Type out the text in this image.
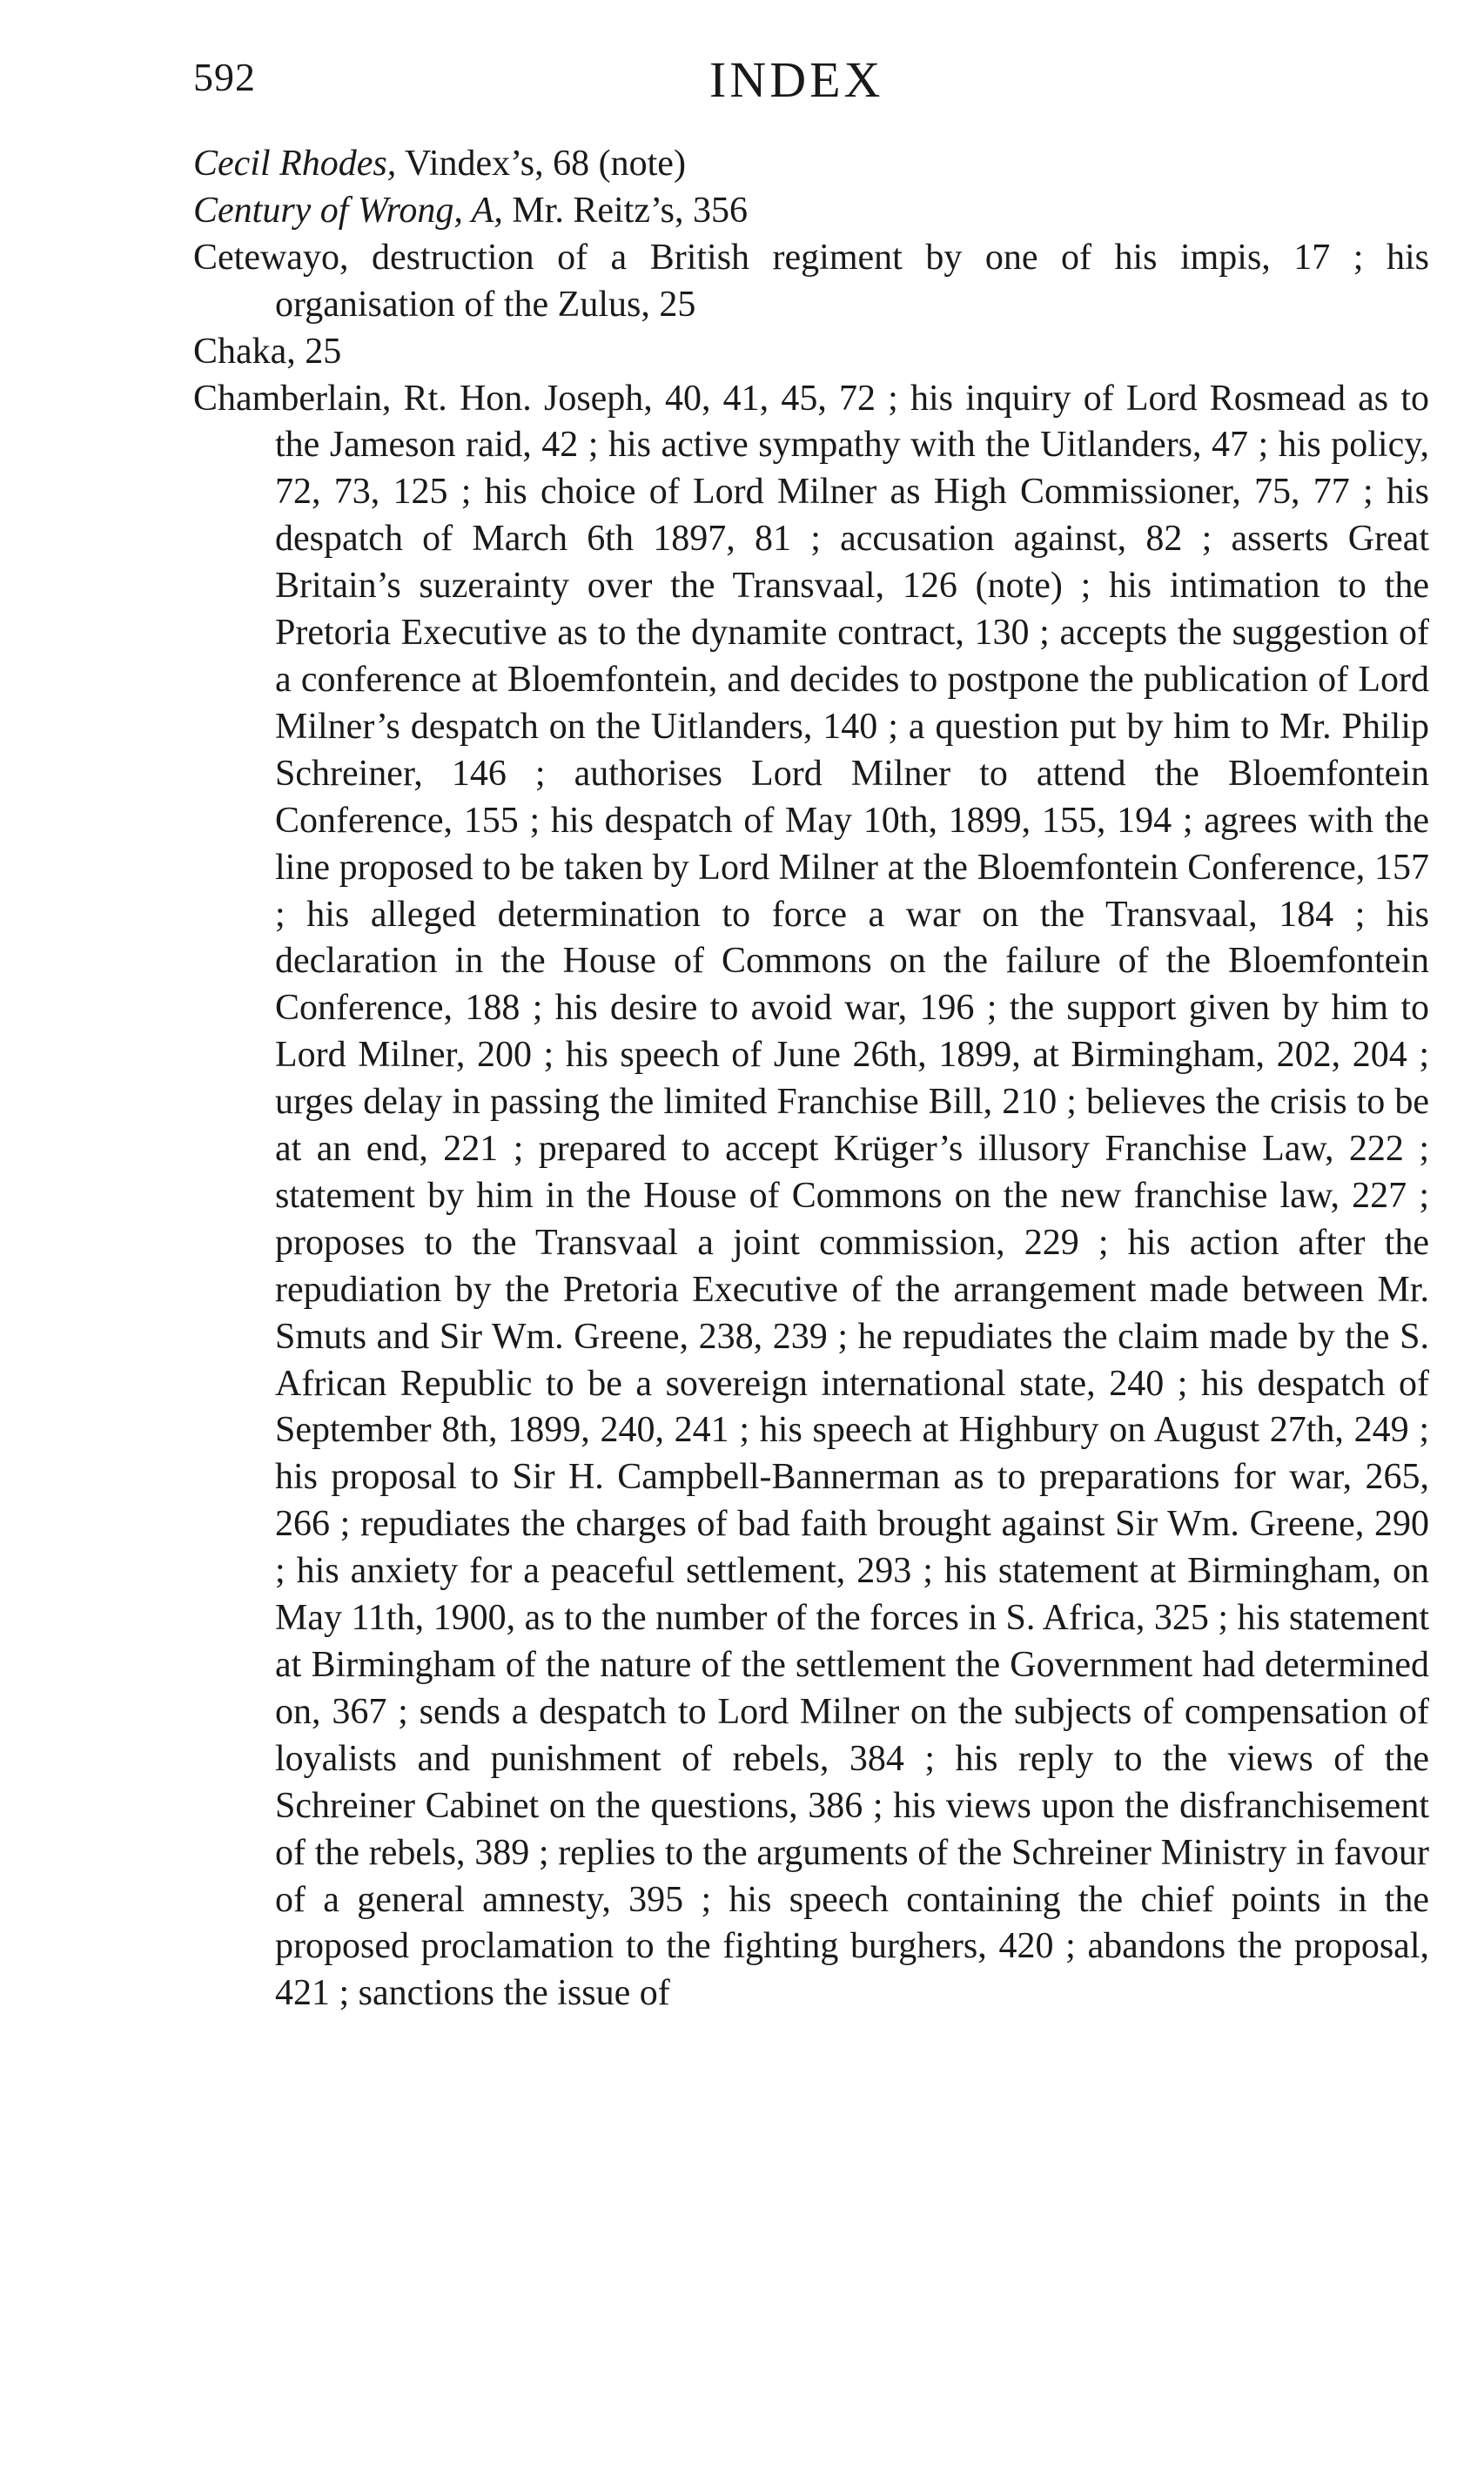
592	INDEX

Cecil Rhodes, Vindex’s, 68 (note)

Century of Wrong, A, Mr. Reitz’s, 356

Cetewayo, destruction of a British regiment by one of his impis, 17 ; his organisation of the Zulus, 25

Chaka, 25

Chamberlain, Rt. Hon. Joseph, 40, 41, 45, 72 ; his inquiry of Lord Rosmead as to the Jameson raid, 42 ; his active sympathy with the Uitlanders, 47 ; his policy, 72, 73, 125 ; his choice of Lord Milner as High Commissioner, 75, 77 ; his despatch of March 6th 1897, 81 ; accusation against, 82 ; asserts Great Britain’s suzerainty over the Transvaal, 126 (note) ; his intimation to the Pretoria Executive as to the dynamite contract, 130 ; accepts the suggestion of a conference at Bloemfontein, and decides to postpone the publication of Lord Milner’s despatch on the Uitlanders, 140 ; a question put by him to Mr. Philip Schreiner, 146 ; authorises Lord Milner to attend the Bloemfontein Conference, 155 ; his despatch of May 10th, 1899, 155, 194 ; agrees with the line proposed to be taken by Lord Milner at the Bloemfontein Conference, 157 ; his alleged determination to force a war on the Transvaal, 184 ; his declaration in the House of Commons on the failure of the Bloemfontein Conference, 188 ; his desire to avoid war, 196 ; the support given by him to Lord Milner, 200 ; his speech of June 26th, 1899, at Birmingham, 202, 204 ; urges delay in passing the limited Franchise Bill, 210 ; believes the crisis to be at an end, 221 ; prepared to accept Krüger’s illusory Franchise Law, 222 ; statement by him in the House of Commons on the new franchise law, 227 ; proposes to the Transvaal a joint commission, 229 ; his action after the repudiation by the Pretoria Executive of the arrangement made between Mr. Smuts and Sir Wm. Greene, 238, 239 ; he repudiates the claim made by the S. African Republic to be a sovereign international state, 240 ; his despatch of September 8th, 1899, 240, 241 ; his speech at Highbury on August 27th, 249 ; his proposal to Sir H. Campbell-Bannerman as to preparations for war, 265, 266 ; repudiates the charges of bad faith brought against Sir Wm. Greene, 290 ; his anxiety for a peaceful settlement, 293 ; his statement at Birmingham, on May 11th, 1900, as to the number of the forces in S. Africa, 325 ; his statement at Birmingham of the nature of the settlement the Government had determined on, 367 ; sends a despatch to Lord Milner on the subjects of compensation of loyalists and punishment of rebels, 384 ; his reply to the views of the Schreiner Cabinet on the questions, 386 ; his views upon the disfranchisement of the rebels, 389 ; replies to the arguments of the Schreiner Ministry in favour of a general amnesty, 395 ; his speech containing the chief points in the proposed proclamation to the fighting burghers, 420 ; abandons the proposal, 421 ; sanctions the issue of
